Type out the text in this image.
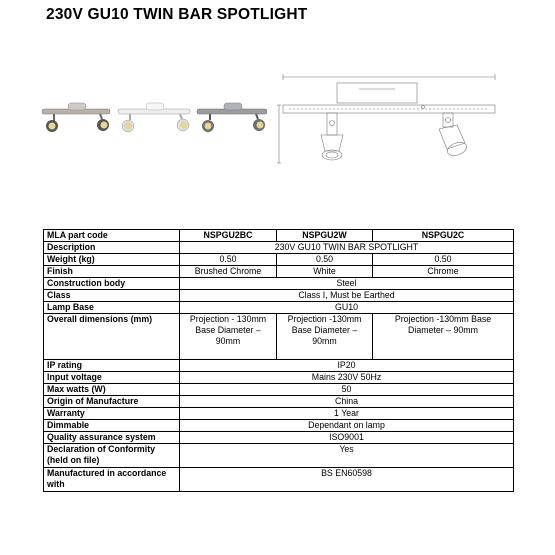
230V GU10 TWIN BAR SPOTLIGHT
MLA part code	NSPGU2BC	NSPGU2W	NSPGU2C
Description	230V GU10 TWIN BAR SPOTLIGHT		
Weight (kg)	0.50	0.50	0.50
Finish	Brushed Chrome	White	Chrome
Construction body	Steel		
Class	Class I, Must be Earthed		
Lamp Base	GU10		
Overall dimensions (mm)	Projection - 130mm Base Diameter – 90mm	Projection -130mm Base Diameter – 90mm	Projection -130mm Base Diameter – 90mm
IP rating	IP20		
Input voltage	Mains 230V 50Hz		
Max watts (W)	50		
Origin of Manufacture	China		
Warranty	1 Year		
Dimmable	Dependant on lamp		
Quality assurance system	ISO9001		
Declaration of Conformity (held on file)	Yes		
Manufactured in accordance with	BS EN60598		
